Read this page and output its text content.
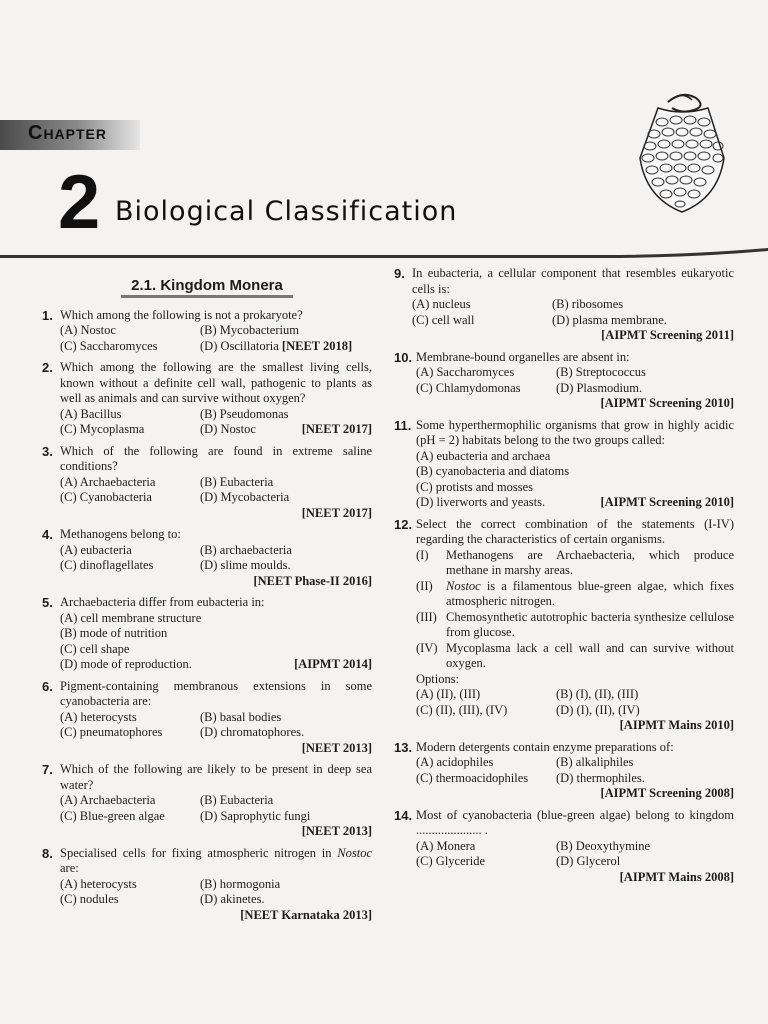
Chapter
2 Biological Classification
2.1. Kingdom Monera
1. Which among the following is not a prokaryote?
(A) Nostoc	(B) Mycobacterium
(C) Saccharomyces	(D) Oscillatoria [NEET 2018]
2. Which among the following are the smallest living cells, known without a definite cell wall, pathogenic to plants as well as animals and can survive without oxygen?
(A) Bacillus	(B) Pseudomonas
(C) Mycoplasma	(D) Nostoc	[NEET 2017]
3. Which of the following are found in extreme saline conditions?
(A) Archaebacteria	(B) Eubacteria
(C) Cyanobacteria	(D) Mycobacteria
[NEET 2017]
4. Methanogens belong to:
(A) eubacteria	(B) archaebacteria
(C) dinoflagellates	(D) slime moulds.
[NEET Phase-II 2016]
5. Archaebacteria differ from eubacteria in:
(A) cell membrane structure
(B) mode of nutrition
(C) cell shape
(D) mode of reproduction.	[AIPMT 2014]
6. Pigment-containing membranous extensions in some cyanobacteria are:
(A) heterocysts	(B) basal bodies
(C) pneumatophores	(D) chromatophores.
[NEET 2013]
7. Which of the following are likely to be present in deep sea water?
(A) Archaebacteria	(B) Eubacteria
(C) Blue-green algae	(D) Saprophytic fungi
[NEET 2013]
8. Specialised cells for fixing atmospheric nitrogen in Nostoc are:
(A) heterocysts	(B) hormogonia
(C) nodules	(D) akinetes.
[NEET Karnataka 2013]
9. In eubacteria, a cellular component that resembles eukaryotic cells is:
(A) nucleus	(B) ribosomes
(C) cell wall	(D) plasma membrane.
[AIPMT Screening 2011]
10. Membrane-bound organelles are absent in:
(A) Saccharomyces	(B) Streptococcus
(C) Chlamydomonas	(D) Plasmodium.
[AIPMT Screening 2010]
11. Some hyperthermophilic organisms that grow in highly acidic (pH = 2) habitats belong to the two groups called:
(A) eubacteria and archaea
(B) cyanobacteria and diatoms
(C) protists and mosses
(D) liverworts and yeasts.	[AIPMT Screening 2010]
12. Select the correct combination of the statements (I-IV) regarding the characteristics of certain organisms.
(I)	Methanogens are Archaebacteria, which produce methane in marshy areas.
(II)	Nostoc is a filamentous blue-green algae, which fixes atmospheric nitrogen.
(III) Chemosynthetic autotrophic bacteria synthesize cellulose from glucose.
(IV) Mycoplasma lack a cell wall and can survive without oxygen.
Options:
(A) (II), (III)	(B) (I), (II), (III)
(C) (II), (III), (IV)	(D) (I), (II), (IV)
[AIPMT Mains 2010]
13. Modern detergents contain enzyme preparations of:
(A) acidophiles	(B) alkaliphiles
(C) thermoacidophiles	(D) thermophiles.
[AIPMT Screening 2008]
14. Most of cyanobacteria (blue-green algae) belong to kingdom ..................... .
(A) Monera	(B) Deoxythymine
(C) Glyceride	(D) Glycerol
[AIPMT Mains 2008]
